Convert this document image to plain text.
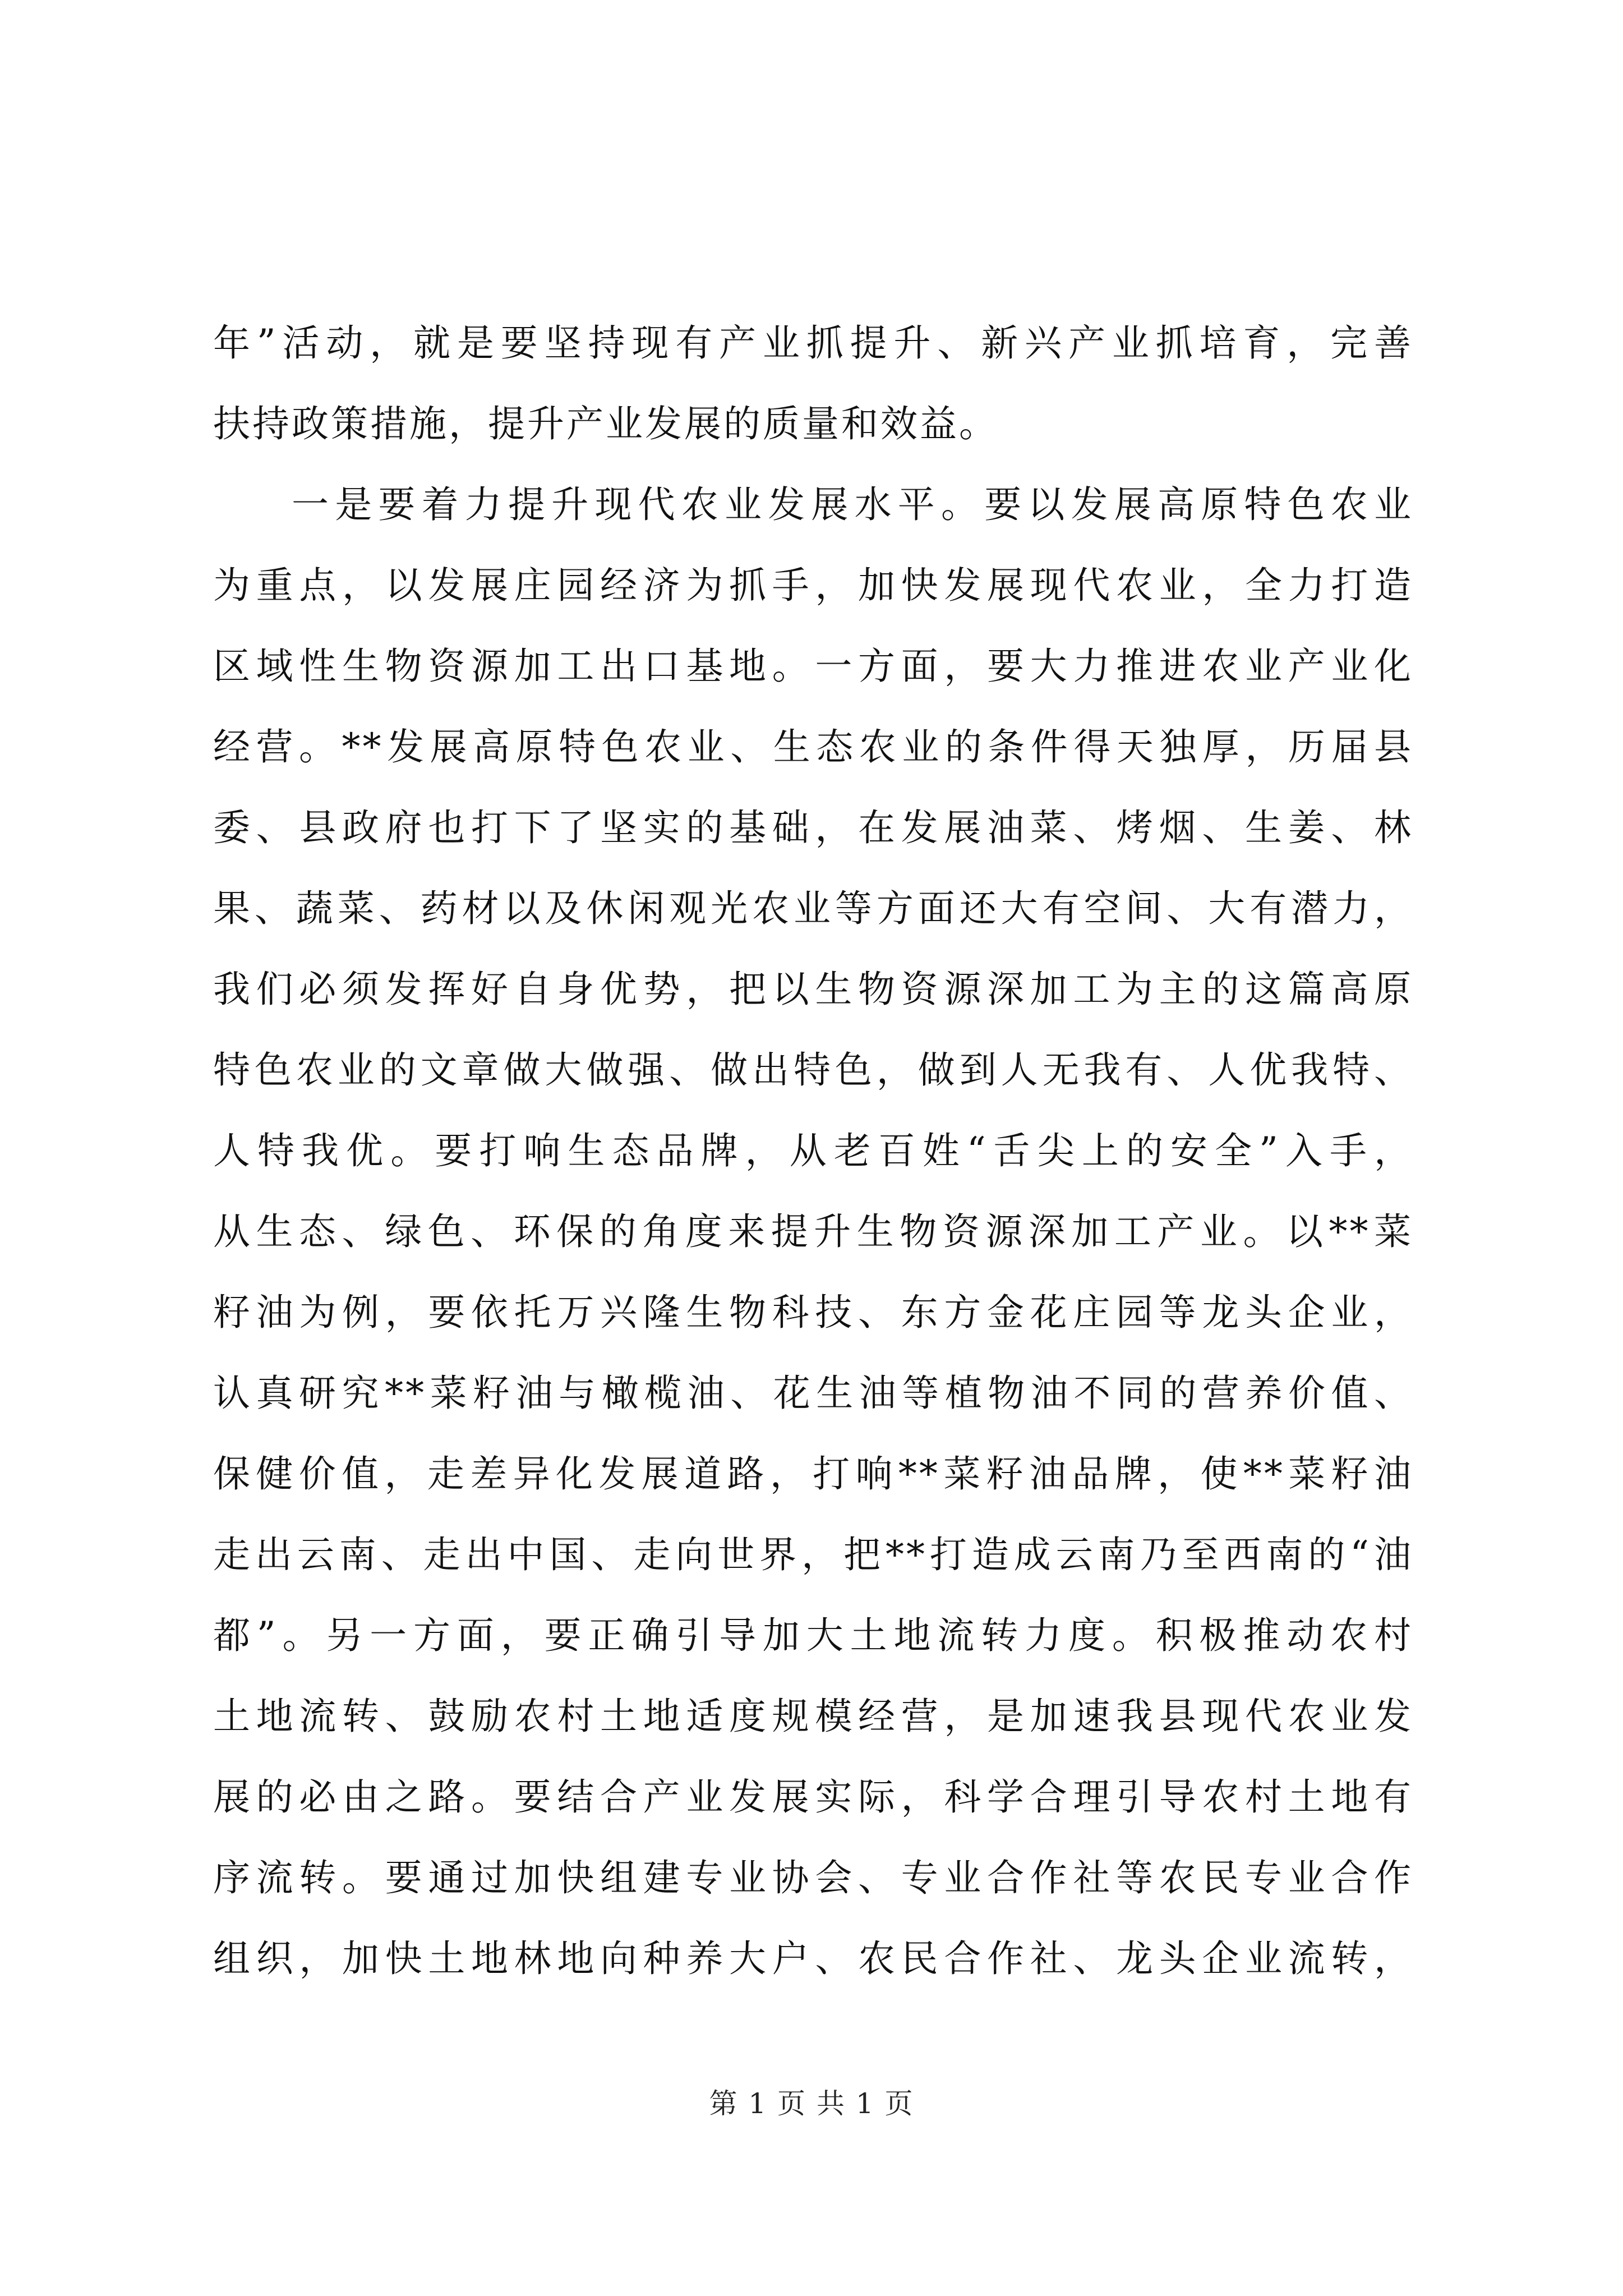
年”活动，就是要坚持现有产业抓提升、新兴产业抓培育，完善
扶持政策措施，提升产业发展的质量和效益。
一是要着力提升现代农业发展水平。要以发展高原特色农业
为重点，以发展庄园经济为抓手，加快发展现代农业，全力打造
区域性生物资源加工出口基地。一方面，要大力推进农业产业化
经营。**发展高原特色农业、生态农业的条件得天独厚，历届县
委、县政府也打下了坚实的基础，在发展油菜、烤烟、生姜、林
果、蔬菜、药材以及休闲观光农业等方面还大有空间、大有潜力，
我们必须发挥好自身优势，把以生物资源深加工为主的这篇高原
特色农业的文章做大做强、做出特色，做到人无我有、人优我特、
人特我优。要打响生态品牌，从老百姓“舌尖上的安全”入手，
从生态、绿色、环保的角度来提升生物资源深加工产业。以**菜
籽油为例，要依托万兴隆生物科技、东方金花庄园等龙头企业，
认真研究**菜籽油与橄榄油、花生油等植物油不同的营养价值、
保健价值，走差异化发展道路，打响**菜籽油品牌，使**菜籽油
走出云南、走出中国、走向世界，把**打造成云南乃至西南的“油
都”。另一方面，要正确引导加大土地流转力度。积极推动农村
土地流转、鼓励农村土地适度规模经营，是加速我县现代农业发
展的必由之路。要结合产业发展实际，科学合理引导农村土地有
序流转。要通过加快组建专业协会、专业合作社等农民专业合作
组织，加快土地林地向种养大户、农民合作社、龙头企业流转，
第 1 页 共 1 页
